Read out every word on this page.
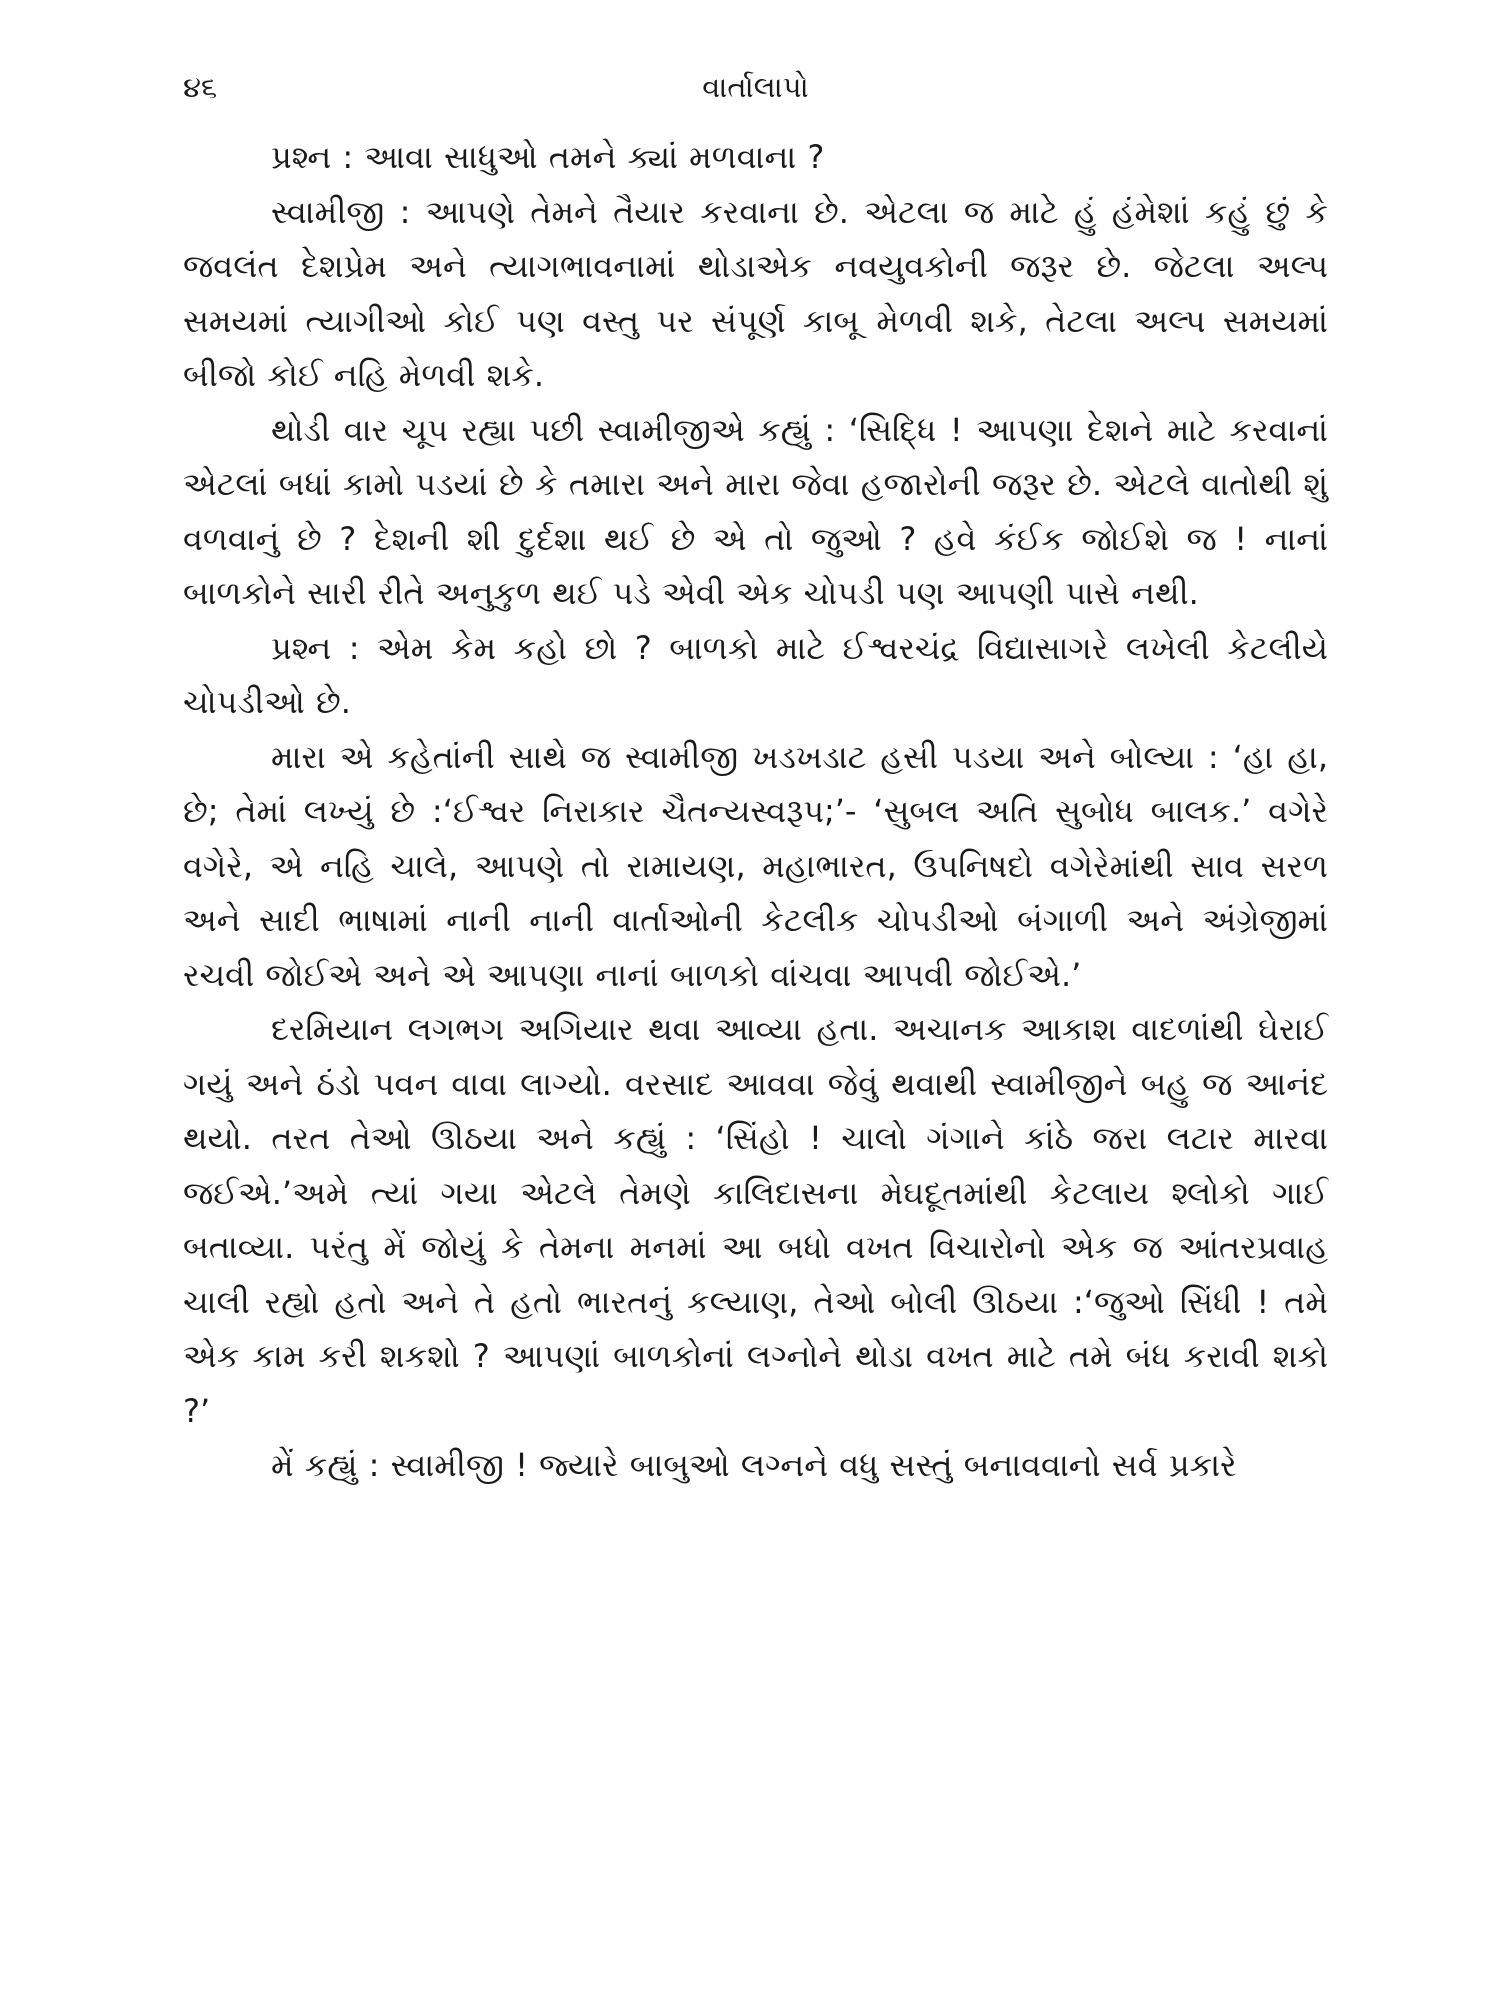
૪૬	વાર્તાલાપો

પ્રશ્ન : આવા સાધુઓ તમને ક્યાં મળવાના ?

સ્વામીજી : આપણે તેમને તૈયાર કરવાના છે. એટલા જ માટે હું હંમેશાં કહું છું કે જવલંત દેશપ્રેમ અને ત્યાગભાવનામાં થોડાએક નવયુવકોની જરૂર છે. જેટલા અલ્પ સમયમાં ત્યાગીઓ કોઈ પણ વસ્તુ પર સંપૂર્ણ કાબૂ મેળવી શકે, તેટલા અલ્પ સમયમાં બીજો કોઈ નહિ મેળવી શકે.

થોડી વાર ચૂપ રહ્યા પછી સ્વામીજીએ કહ્યું : ‘સિદ્ધિ ! આપણા દેશને માટે કરવાનાં એટલાં બધાં કામો પડયાં છે કે તમારા અને મારા જેવા હજારોની જરૂર છે. એટલે વાતોથી શું વળવાનું છે ? દેશની શી દુર્દશા થઈ છે એ તો જુઓ ? હવે કંઈક જોઈશે જ ! નાનાં બાળકોને સારી રીતે અનુકુળ થઈ પડે એવી એક ચોપડી પણ આપણી પાસે નથી.

પ્રશ્ન : એમ કેમ કહો છો ? બાળકો માટે ઈશ્વરચંદ્ર વિદ્યાસાગરે લખેલી કેટલીયે ચોપડીઓ છે.

મારા એ કહેતાંની સાથે જ સ્વામીજી ખડખડાટ હસી પડયા અને બોલ્યા : ‘હા હા, છે; તેમાં લખ્યું છે :‘ઈશ્વર નિરાકાર ચૈતન્યસ્વરૂપ;’- ‘સુબલ અતિ સુબોધ બાલક.’ વગેરે વગેરે, એ નહિ ચાલે, આપણે તો રામાયણ, મહાભારત, ઉપનિષદો વગેરેમાંથી સાવ સરળ અને સાદી ભાષામાં નાની નાની વાર્તાઓની કેટલીક ચોપડીઓ બંગાળી અને અંગ્રેજીમાં રચવી જોઈએ અને એ આપણા નાનાં બાળકો વાંચવા આપવી જોઈએ.’

દરમિયાન લગભગ અગિયાર થવા આવ્યા હતા. અચાનક આકાશ વાદળાંથી ઘેરાઈ ગયું અને ઠંડો પવન વાવા લાગ્યો. વરસાદ આવવા જેવું થવાથી સ્વામીજીને બહુ જ આનંદ થયો. તરત તેઓ ઊઠયા અને કહ્યું : ‘સિંહો ! ચાલો ગંગાને કાંઠે જરા લટાર મારવા જઈએ.’અમે ત્યાં ગયા એટલે તેમણે કાલિદાસના મેઘદૂતમાંથી કેટલાય શ્લોકો ગાઈ બતાવ્યા. પરંતુ મેં જોયું કે તેમના મનમાં આ બધો વખત વિચારોનો એક જ આંતરપ્રવાહ ચાલી રહ્યો હતો અને તે હતો ભારતનું કલ્યાણ, તેઓ બોલી ઊઠયા :‘જુઓ સિંધી ! તમે એક કામ કરી શકશો ? આપણાં બાળકોનાં લગ્નોને થોડા વખત માટે તમે બંધ કરાવી શકો ?’

મેં કહ્યું : સ્વામીજી ! જ્યારે બાબુઓ લગ્નને વધુ સસ્તું બનાવવાનો સર્વ પ્રકારે
